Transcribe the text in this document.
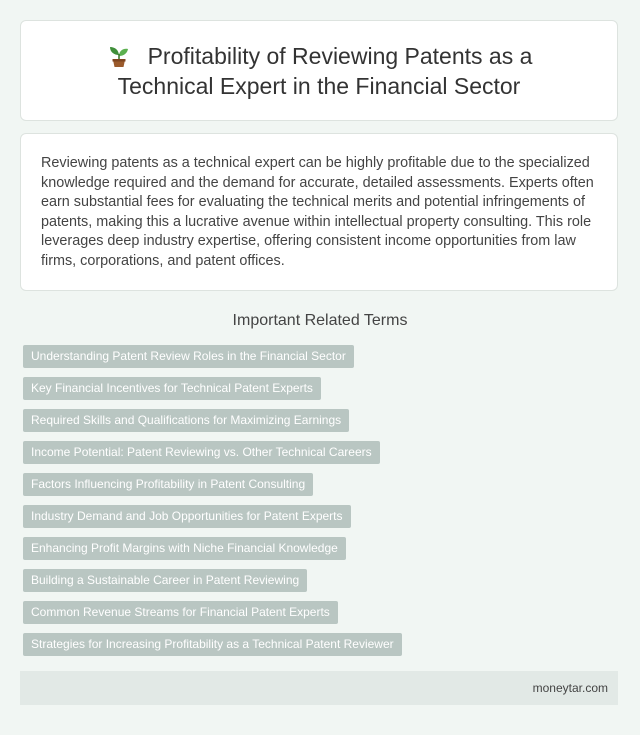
Profitability of Reviewing Patents as a Technical Expert in the Financial Sector

Reviewing patents as a technical expert can be highly profitable due to the specialized knowledge required and the demand for accurate, detailed assessments. Experts often earn substantial fees for evaluating the technical merits and potential infringements of patents, making this a lucrative avenue within intellectual property consulting. This role leverages deep industry expertise, offering consistent income opportunities from law firms, corporations, and patent offices.

Important Related Terms
Understanding Patent Review Roles in the Financial Sector
Key Financial Incentives for Technical Patent Experts
Required Skills and Qualifications for Maximizing Earnings
Income Potential: Patent Reviewing vs. Other Technical Careers
Factors Influencing Profitability in Patent Consulting
Industry Demand and Job Opportunities for Patent Experts
Enhancing Profit Margins with Niche Financial Knowledge
Building a Sustainable Career in Patent Reviewing
Common Revenue Streams for Financial Patent Experts
Strategies for Increasing Profitability as a Technical Patent Reviewer
moneytar.com
